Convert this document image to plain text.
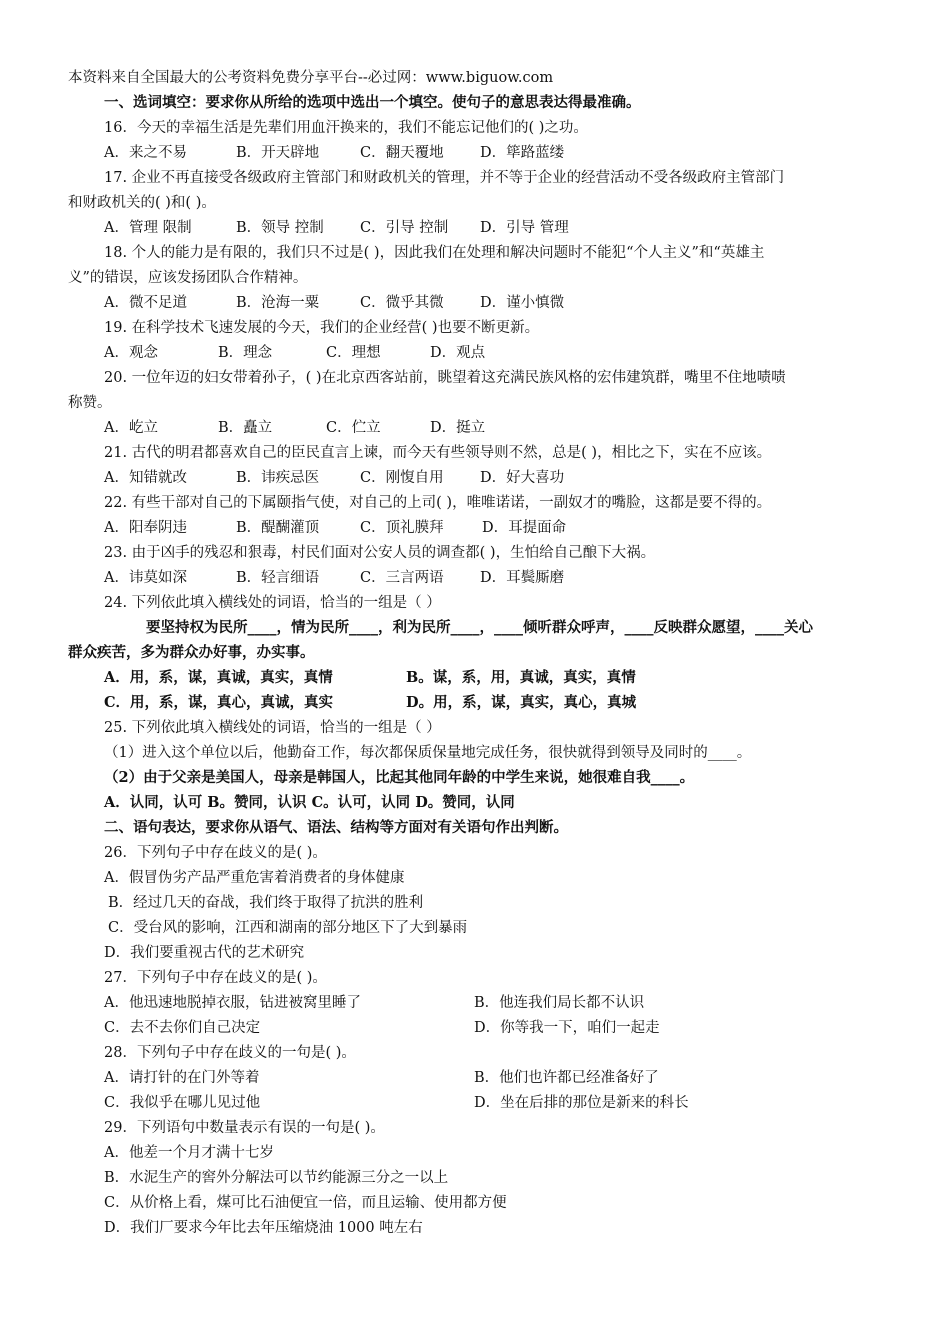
本资料来自全国最大的公考资料免费分享平台--必过网：www.biguow.com
一、选词填空：要求你从所给的选项中选出一个填空。使句子的意思表达得最准确。
16．今天的幸福生活是先辈们用血汗换来的，我们不能忘记他们的( )之功。
A．来之不易	B．开天辟地	C．翻天覆地	D．筚路蓝缕
17. 企业不再直接受各级政府主管部门和财政机关的管理，并不等于企业的经营活动不受各级政府主管部门
和财政机关的( )和( )。
A．管理 限制	B．领导 控制 C．引导 控制 D．引导 管理
18. 个人的能力是有限的，我们只不过是( )，因此我们在处理和解决问题时不能犯“个人主义”和“英雄主
义”的错误，应该发扬团队合作精神。
A．微不足道	B．沧海一粟	C．微乎其微	D．谨小慎微
19. 在科学技术飞速发展的今天，我们的企业经营( )也要不断更新。
A．观念	B．理念	C．理想	D．观点
20. 一位年迈的妇女带着孙子，( )在北京西客站前，眺望着这充满民族风格的宏伟建筑群，嘴里不住地啧啧
称赞。
A．屹立	B．矗立	C．伫立	D．挺立
21. 古代的明君都喜欢自己的臣民直言上谏，而今天有些领导则不然，总是( )，相比之下，实在不应该。
A．知错就改	B．讳疾忌医	C．刚愎自用	D．好大喜功
22. 有些干部对自己的下属颐指气使，对自己的上司( )，唯唯诺诺，一副奴才的嘴脸，这都是要不得的。
A．阳奉阴违	B．醍醐灌顶	C．顶礼膜拜	D．耳提面命
23. 由于凶手的残忍和狠毒，村民们面对公安人员的调查都( )，生怕给自己酿下大祸。
A．讳莫如深	B．轻言细语	C．三言两语	D．耳鬓厮磨
24. 下列依此填入横线处的词语，恰当的一组是（ ）
要坚持权为民所____，情为民所____，利为民所____，____倾听群众呼声，____反映群众愿望，____关心
群众疾苦，多为群众办好事，办实事。
A．用，系，谋，真诚，真实，真情	B。谋，系，用，真诚，真实，真情
C．用，系，谋，真心，真诚，真实	D。用，系，谋，真实，真心，真城
25. 下列依此填入横线处的词语，恰当的一组是（ ）
（1）进入这个单位以后，他勤奋工作，每次都保质保量地完成任务，很快就得到领导及同时的____。
（2）由于父亲是美国人，母亲是韩国人，比起其他同年龄的中学生来说，她很难自我____。
A．认同，认可 B。赞同，认识 C。认可，认同 D。赞同，认同
二、语句表达，要求你从语气、语法、结构等方面对有关语句作出判断。
26．下列句子中存在歧义的是( )。
A．假冒伪劣产品严重危害着消费者的身体健康
B．经过几天的奋战，我们终于取得了抗洪的胜利
C．受台风的影响，江西和湖南的部分地区下了大到暴雨
D．我们要重视古代的艺术研究
27．下列句子中存在歧义的是( )。
A．他迅速地脱掉衣服，钻进被窝里睡了	B．他连我们局长都不认识
C．去不去你们自己决定	D．你等我一下，咱们一起走
28．下列句子中存在歧义的一句是( )。
A．请打针的在门外等着	B．他们也许都已经准备好了
C．我似乎在哪儿见过他	D．坐在后排的那位是新来的科长
29．下列语句中数量表示有误的一句是( )。
A．他差一个月才满十七岁
B．水泥生产的窖外分解法可以节约能源三分之一以上
C．从价格上看，煤可比石油便宜一倍，而且运输、使用都方便
D．我们厂要求今年比去年压缩烧油 1000 吨左右
